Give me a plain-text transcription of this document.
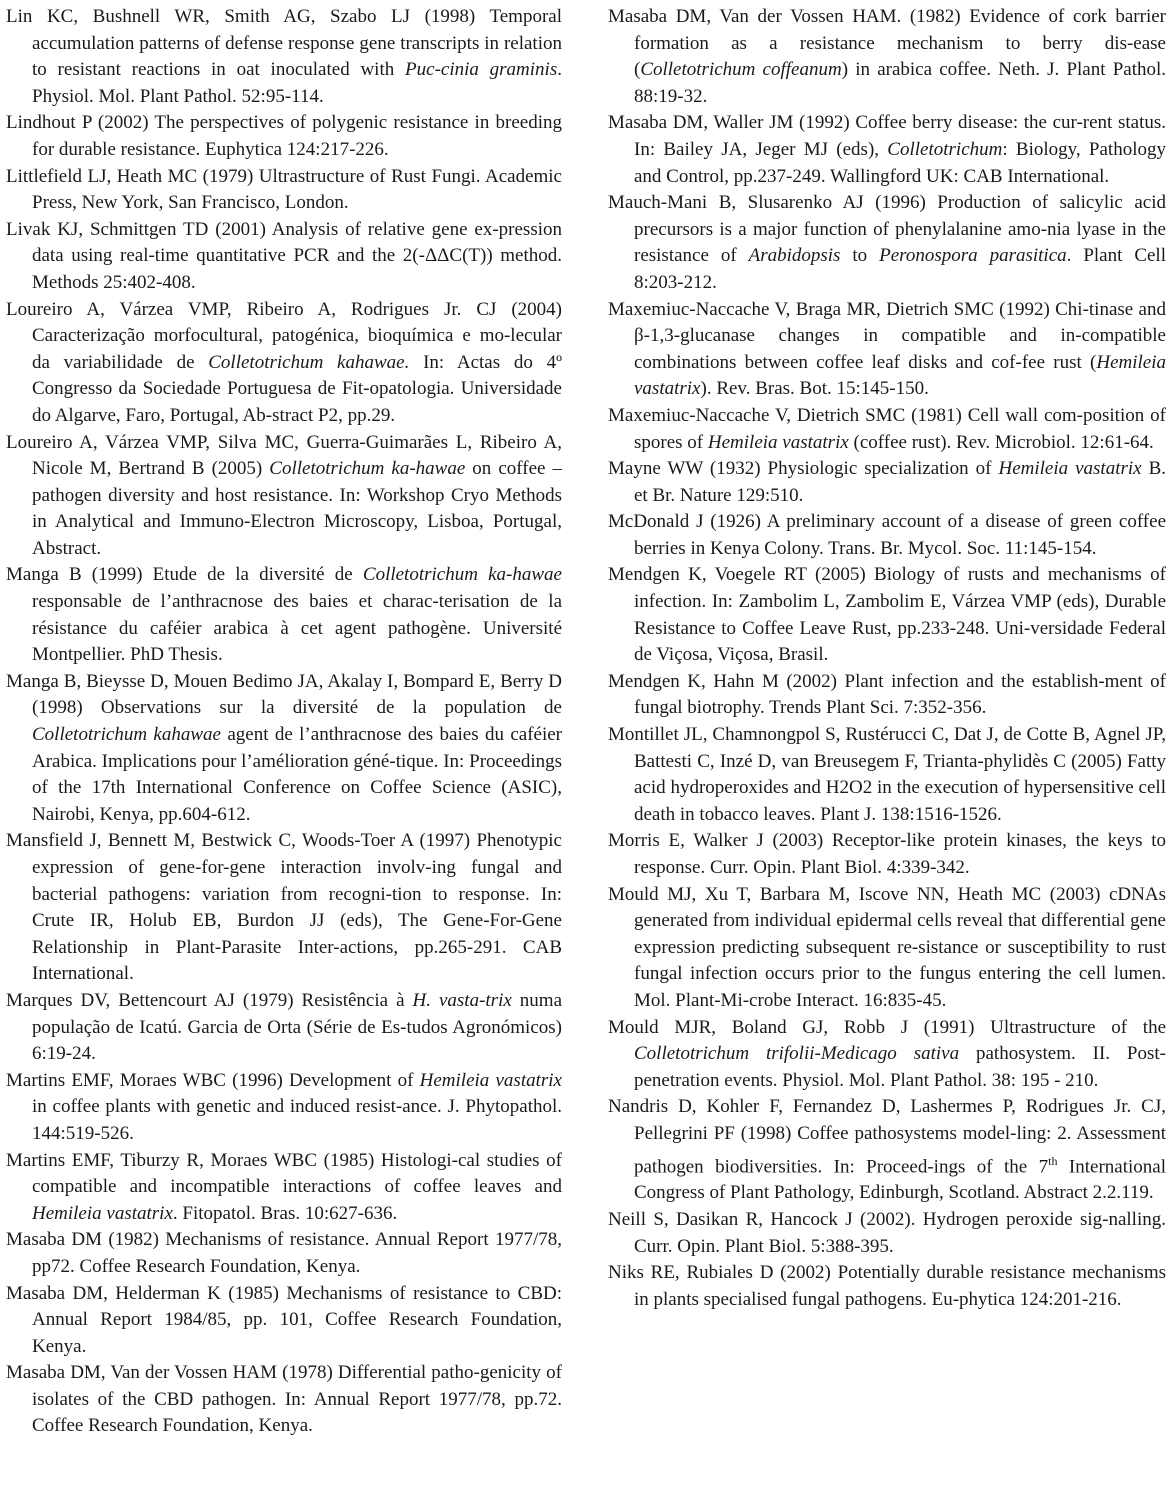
Lin KC, Bushnell WR, Smith AG, Szabo LJ (1998) Temporal accumulation patterns of defense response gene transcripts in relation to resistant reactions in oat inoculated with Puc-cinia graminis. Physiol. Mol. Plant Pathol. 52:95-114.

Lindhout P (2002) The perspectives of polygenic resistance in breeding for durable resistance. Euphytica 124:217-226.

Littlefield LJ, Heath MC (1979) Ultrastructure of Rust Fungi. Academic Press, New York, San Francisco, London.

Livak KJ, Schmittgen TD (2001) Analysis of relative gene ex-pression data using real-time quantitative PCR and the 2(-ΔΔC(T)) method. Methods 25:402-408.

Loureiro A, Várzea VMP, Ribeiro A, Rodrigues Jr. CJ (2004) Caracterização morfocultural, patogénica, bioquímica e mo-lecular da variabilidade de Colletotrichum kahawae. In: Actas do 4º Congresso da Sociedade Portuguesa de Fit-opatologia. Universidade do Algarve, Faro, Portugal, Ab-stract P2, pp.29.

Loureiro A, Várzea VMP, Silva MC, Guerra-Guimarães L, Ribeiro A, Nicole M, Bertrand B (2005) Colletotrichum ka-hawae on coffee – pathogen diversity and host resistance. In: Workshop Cryo Methods in Analytical and Immuno-Electron Microscopy, Lisboa, Portugal, Abstract.

Manga B (1999) Etude de la diversité de Colletotrichum ka-hawae responsable de l’anthracnose des baies et charac-terisation de la résistance du caféier arabica à cet agent pathogène. Université Montpellier. PhD Thesis.

Manga B, Bieysse D, Mouen Bedimo JA, Akalay I, Bompard E, Berry D (1998) Observations sur la diversité de la population de Colletotrichum kahawae agent de l’anthracnose des baies du caféier Arabica. Implications pour l’amélioration géné-tique. In: Proceedings of the 17th International Conference on Coffee Science (ASIC), Nairobi, Kenya, pp.604-612.

Mansfield J, Bennett M, Bestwick C, Woods-Toer A (1997) Phenotypic expression of gene-for-gene interaction involv-ing fungal and bacterial pathogens: variation from recogni-tion to response. In: Crute IR, Holub EB, Burdon JJ (eds), The Gene-For-Gene Relationship in Plant-Parasite Inter-actions, pp.265-291. CAB International.

Marques DV, Bettencourt AJ (1979) Resistência à H. vasta-trix numa população de Icatú. Garcia de Orta (Série de Es-tudos Agronómicos) 6:19-24.

Martins EMF, Moraes WBC (1996) Development of Hemileia vastatrix in coffee plants with genetic and induced resist-ance. J. Phytopathol. 144:519-526.

Martins EMF, Tiburzy R, Moraes WBC (1985) Histologi-cal studies of compatible and incompatible interactions of coffee leaves and Hemileia vastatrix. Fitopatol. Bras. 10:627-636.

Masaba DM (1982) Mechanisms of resistance. Annual Report 1977/78, pp72. Coffee Research Foundation, Kenya.

Masaba DM, Helderman K (1985) Mechanisms of resistance to CBD: Annual Report 1984/85, pp. 101, Coffee Research Foundation, Kenya.

Masaba DM, Van der Vossen HAM (1978) Differential patho-genicity of isolates of the CBD pathogen. In: Annual Report 1977/78, pp.72. Coffee Research Foundation, Kenya.

Masaba DM, Van der Vossen HAM. (1982) Evidence of cork barrier formation as a resistance mechanism to berry dis-ease (Colletotrichum coffeanum) in arabica coffee. Neth. J. Plant Pathol. 88:19-32.

Masaba DM, Waller JM (1992) Coffee berry disease: the cur-rent status. In: Bailey JA, Jeger MJ (eds), Colletotrichum: Biology, Pathology and Control, pp.237-249. Wallingford UK: CAB International.

Mauch-Mani B, Slusarenko AJ (1996) Production of salicylic acid precursors is a major function of phenylalanine amo-nia lyase in the resistance of Arabidopsis to Peronospora parasitica. Plant Cell 8:203-212.

Maxemiuc-Naccache V, Braga MR, Dietrich SMC (1992) Chi-tinase and β-1,3-glucanase changes in compatible and in-compatible combinations between coffee leaf disks and cof-fee rust (Hemileia vastatrix). Rev. Bras. Bot. 15:145-150.

Maxemiuc-Naccache V, Dietrich SMC (1981) Cell wall com-position of spores of Hemileia vastatrix (coffee rust). Rev. Microbiol. 12:61-64.

Mayne WW (1932) Physiologic specialization of Hemileia vastatrix B. et Br. Nature 129:510.

McDonald J (1926) A preliminary account of a disease of green coffee berries in Kenya Colony. Trans. Br. Mycol. Soc. 11:145-154.

Mendgen K, Voegele RT (2005) Biology of rusts and mechanisms of infection. In: Zambolim L, Zambolim E, Várzea VMP (eds), Durable Resistance to Coffee Leave Rust, pp.233-248. Uni-versidade Federal de Viçosa, Viçosa, Brasil.

Mendgen K, Hahn M (2002) Plant infection and the establish-ment of fungal biotrophy. Trends Plant Sci. 7:352-356.

Montillet JL, Chamnongpol S, Rustérucci C, Dat J, de Cotte B, Agnel JP, Battesti C, Inzé D, van Breusegem F, Trianta-phylidès C (2005) Fatty acid hydroperoxides and H2O2 in the execution of hypersensitive cell death in tobacco leaves. Plant J. 138:1516-1526.

Morris E, Walker J (2003) Receptor-like protein kinases, the keys to response. Curr. Opin. Plant Biol. 4:339-342.

Mould MJ, Xu T, Barbara M, Iscove NN, Heath MC (2003) cDNAs generated from individual epidermal cells reveal that differential gene expression predicting subsequent re-sistance or susceptibility to rust fungal infection occurs prior to the fungus entering the cell lumen. Mol. Plant-Mi-crobe Interact. 16:835-45.

Mould MJR, Boland GJ, Robb J (1991) Ultrastructure of the Colletotrichum trifolii-Medicago sativa pathosystem. II. Post-penetration events. Physiol. Mol. Plant Pathol. 38: 195 - 210.

Nandris D, Kohler F, Fernandez D, Lashermes P, Rodrigues Jr. CJ, Pellegrini PF (1998) Coffee pathosystems model-ling: 2. Assessment pathogen biodiversities. In: Proceed-ings of the 7th International Congress of Plant Pathology, Edinburgh, Scotland. Abstract 2.2.119.

Neill S, Dasikan R, Hancock J (2002). Hydrogen peroxide sig-nalling. Curr. Opin. Plant Biol. 5:388-395.

Niks RE, Rubiales D (2002) Potentially durable resistance mechanisms in plants specialised fungal pathogens. Eu-phytica 124:201-216.
